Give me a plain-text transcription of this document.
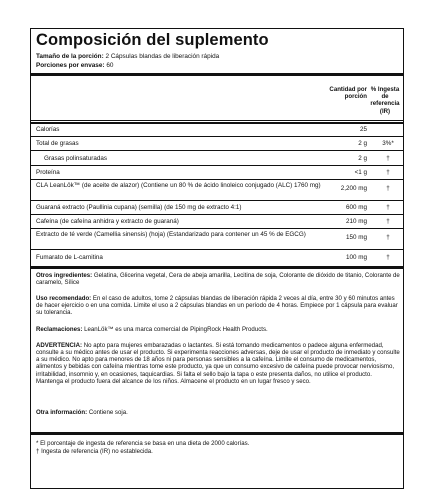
Composición del suplemento
Tamaño de la porción: 2 Cápsulas blandas de liberación rápida
Porciones por envase: 60
Cantidad por porción
% Ingesta de referencia (IR)
Calorías	25
Total de grasas	2 g	3%*
Grasas polinsaturadas	2 g	†
Proteína	<1 g	†
CLA LeanLök™ (de aceite de alazor) (Contiene un 80 % de ácido linoleico conjugado (ALC) 1760 mg)	2,200 mg	†
Guaraná extracto (Paullinia cupana) (semilla) (de 150 mg de extracto 4:1)	600 mg	†
Cafeína (de cafeína anhidra y extracto de guaraná)	210 mg	†
Extracto de té verde (Camellia sinensis) (hoja) (Estandarizado para contener un 45 % de EGCG)	150 mg	†
Fumarato de L-carnitina	100 mg	†
Otros ingredientes: Gelatina, Glicerina vegetal, Cera de abeja amarilla, Lecitina de soja, Colorante de dióxido de titanio, Colorante de caramelo, Sílice
Uso recomendado: En el caso de adultos, tome 2 cápsulas blandas de liberación rápida 2 veces al día, entre 30 y 60 minutos antes de hacer ejercicio o en una comida. Limite el uso a 2 cápsulas blandas en un período de 4 horas. Empiece por 1 cápsula para evaluar su tolerancia.
Reclamaciones: LeanLök™ es una marca comercial de PipingRock Health Products.
ADVERTENCIA: No apto para mujeres embarazadas o lactantes. Si está tomando medicamentos o padece alguna enfermedad, consulte a su médico antes de usar el producto. Si experimenta reacciones adversas, deje de usar el producto de inmediato y consulte a su médico. No apto para menores de 18 años ni para personas sensibles a la cafeína. Limite el consumo de medicamentos, alimentos y bebidas con cafeína mientras tome este producto, ya que un consumo excesivo de cafeína puede provocar nerviosismo, irritabilidad, insomnio y, en ocasiones, taquicardias. Si falta el sello bajo la tapa o este presenta daños, no utilice el producto. Mantenga el producto fuera del alcance de los niños. Almacene el producto en un lugar fresco y seco.
Otra información: Contiene soja.
* El porcentaje de ingesta de referencia se basa en una dieta de 2000 calorías.
† Ingesta de referencia (IR) no establecida.
